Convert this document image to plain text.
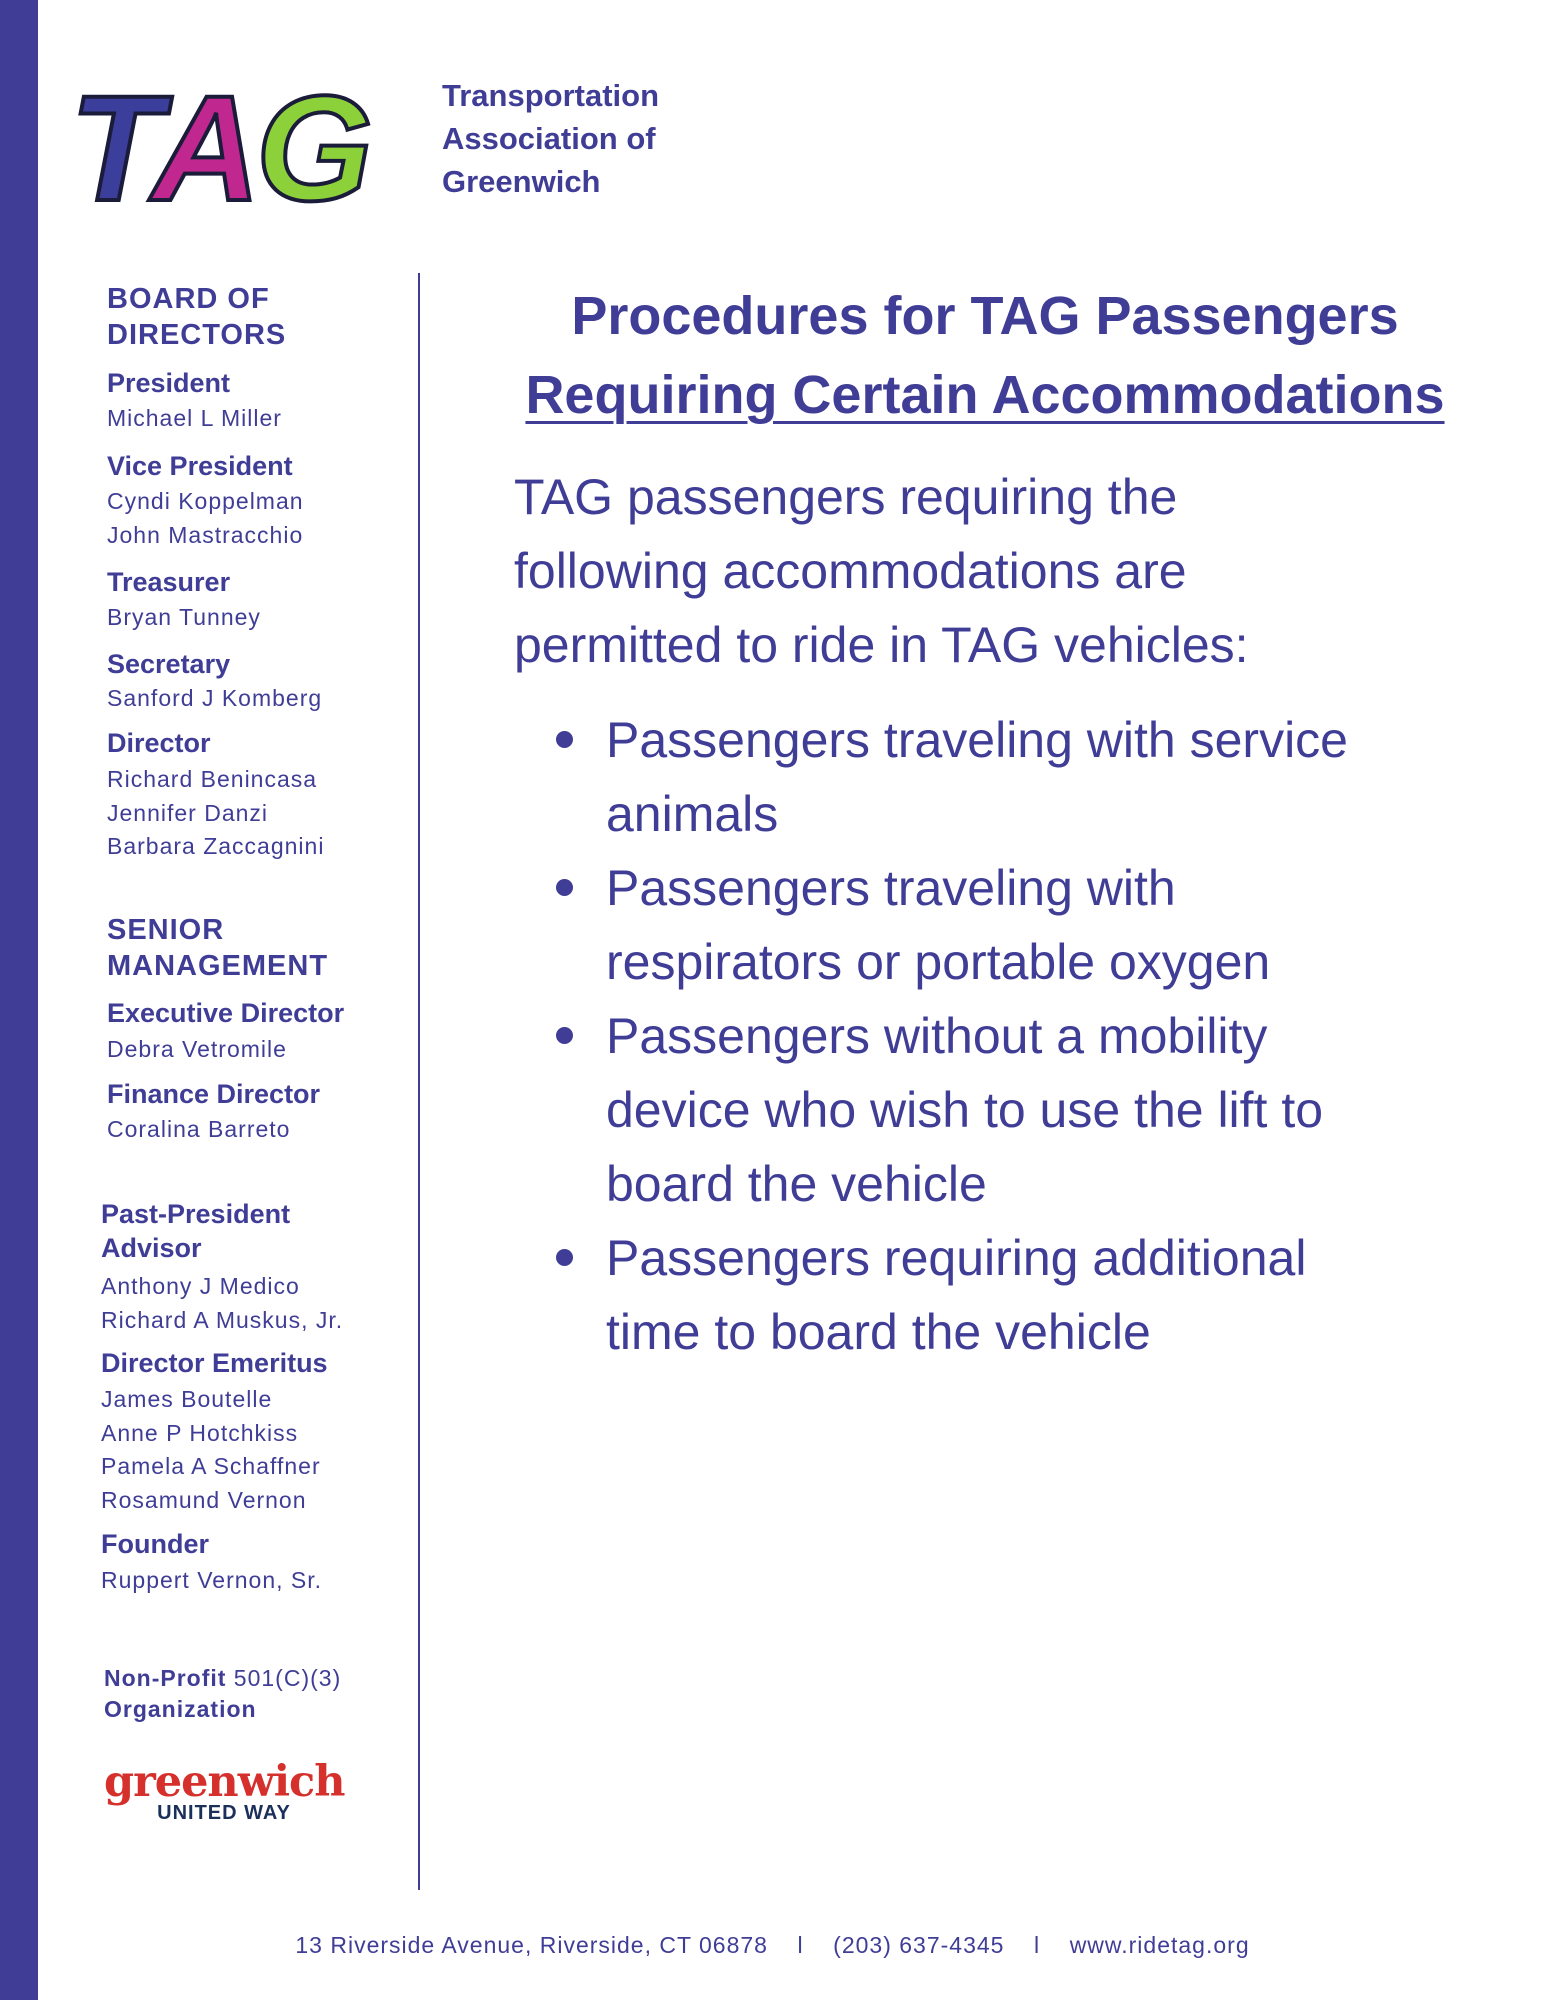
T
A
G
TAG
Transportation
Association of
Greenwich
BOARD OF
DIRECTORS
President
Michael L Miller
Vice President
Cyndi Koppelman
John Mastracchio
Treasurer
Bryan Tunney
Secretary
Sanford J Komberg
Director
Richard Benincasa
Jennifer Danzi
Barbara Zaccagnini
SENIOR
MANAGEMENT
Executive Director
Debra Vetromile
Finance Director
Coralina Barreto
Past-President
Advisor
Anthony J Medico
Richard A Muskus, Jr.
Director Emeritus
James Boutelle
Anne P Hotchkiss
Pamela A Schaffner
Rosamund Vernon
Founder
Ruppert Vernon, Sr.
Non-Profit 501(C)(3)
Organization
greenwich
UNITED WAY
Procedures for TAG Passengers
Requiring Certain Accommodations
TAG passengers requiring the
following accommodations are
permitted to ride in TAG vehicles:
Passengers traveling with service
animals
Passengers traveling with
respirators or portable oxygen
Passengers without a mobility
device who wish to use the lift to
board the vehicle
Passengers requiring additional
time to board the vehicle
13 Riverside Avenue, Riverside, CT 06878    l    (203) 637-4345    l    www.ridetag.org
